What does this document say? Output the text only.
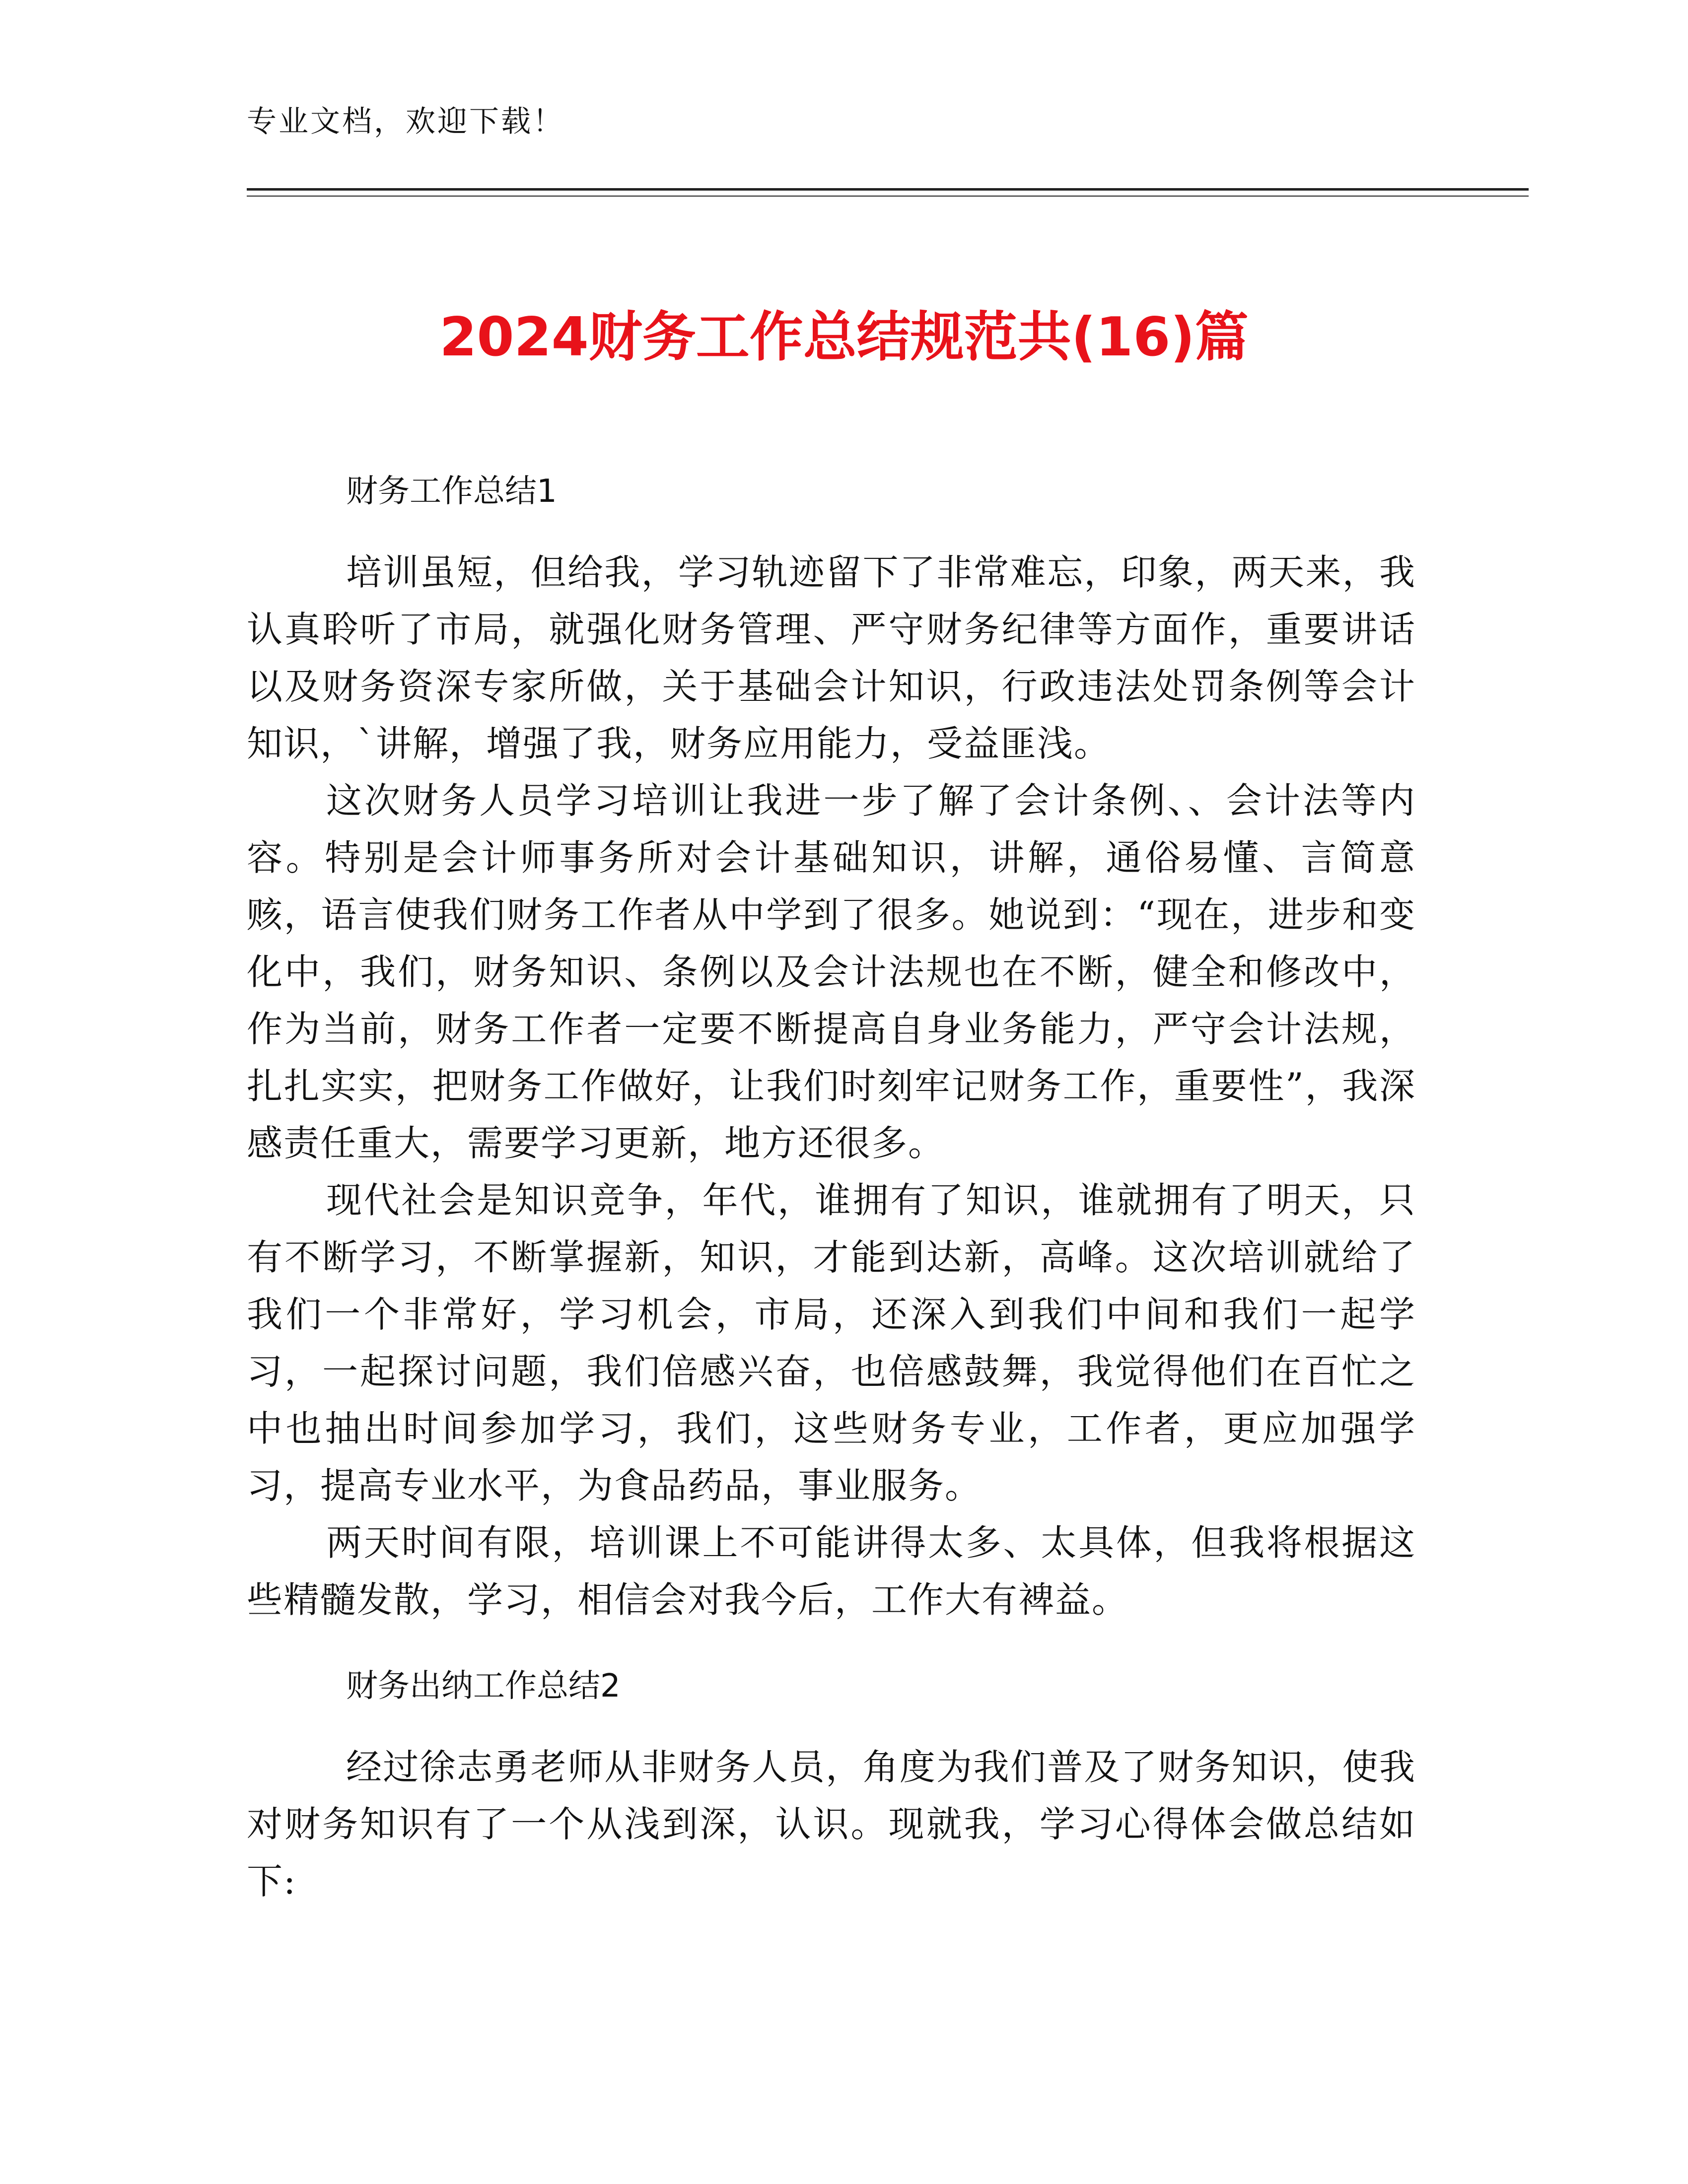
专业文档，欢迎下载！
2024财务工作总结规范共(16)篇
财务工作总结1

培训虽短，但给我，学习轨迹留下了非常难忘，印象，两天来，我认真聆听了市局，就强化财务管理、严守财务纪律等方面作，重要讲话以及财务资深专家所做，关于基础会计知识，行政违法处罚条例等会计知识，`讲解，增强了我，财务应用能力，受益匪浅。

这次财务人员学习培训让我进一步了解了会计条例、、会计法等内容。特别是会计师事务所对会计基础知识，讲解，通俗易懂、言简意赅，语言使我们财务工作者从中学到了很多。她说到：“现在，进步和变化中，我们，财务知识、条例以及会计法规也在不断，健全和修改中，作为当前，财务工作者一定要不断提高自身业务能力，严守会计法规，扎扎实实，把财务工作做好，让我们时刻牢记财务工作，重要性”，我深感责任重大，需要学习更新，地方还很多。

现代社会是知识竞争，年代，谁拥有了知识，谁就拥有了明天，只有不断学习，不断掌握新，知识，才能到达新，高峰。这次培训就给了我们一个非常好，学习机会，市局，还深入到我们中间和我们一起学习，一起探讨问题，我们倍感兴奋，也倍感鼓舞，我觉得他们在百忙之中也抽出时间参加学习，我们，这些财务专业，工作者，更应加强学习，提高专业水平，为食品药品，事业服务。

两天时间有限，培训课上不可能讲得太多、太具体，但我将根据这些精髓发散，学习，相信会对我今后，工作大有裨益。

财务出纳工作总结2

经过徐志勇老师从非财务人员，角度为我们普及了财务知识，使我对财务知识有了一个从浅到深，认识。现就我，学习心得体会做总结如下:
